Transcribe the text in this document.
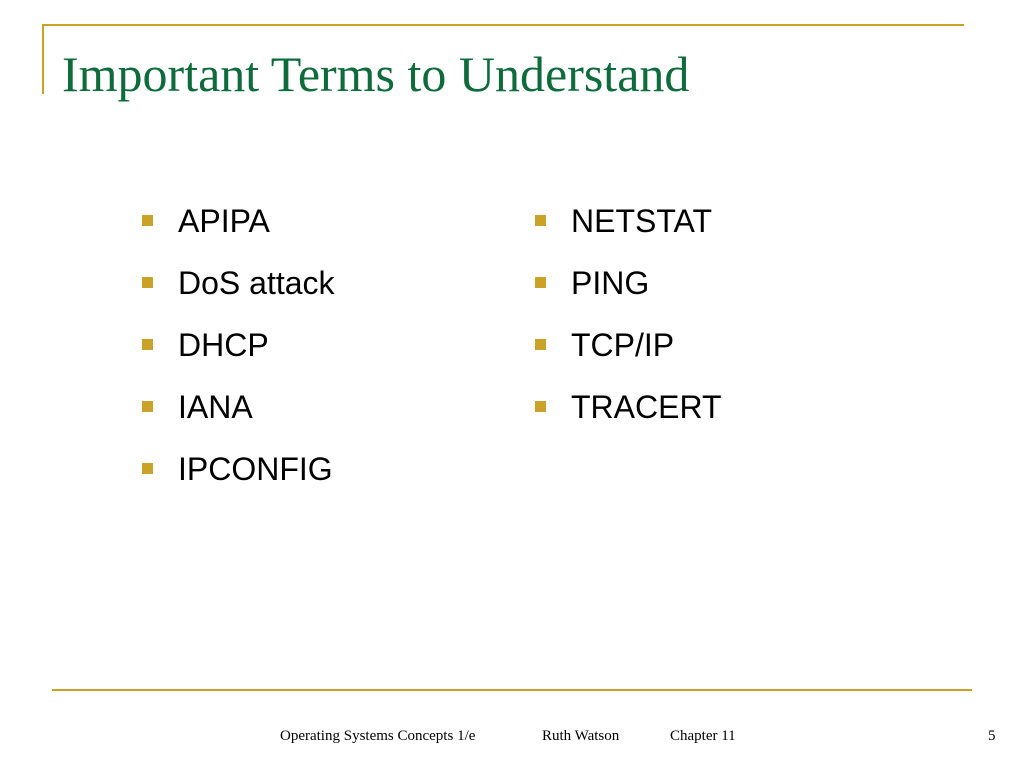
Important Terms to Understand
APIPA
DoS attack
DHCP
IANA
IPCONFIG
NETSTAT
PING
TCP/IP
TRACERT
Operating Systems Concepts 1/e	Ruth Watson	Chapter 11	5
